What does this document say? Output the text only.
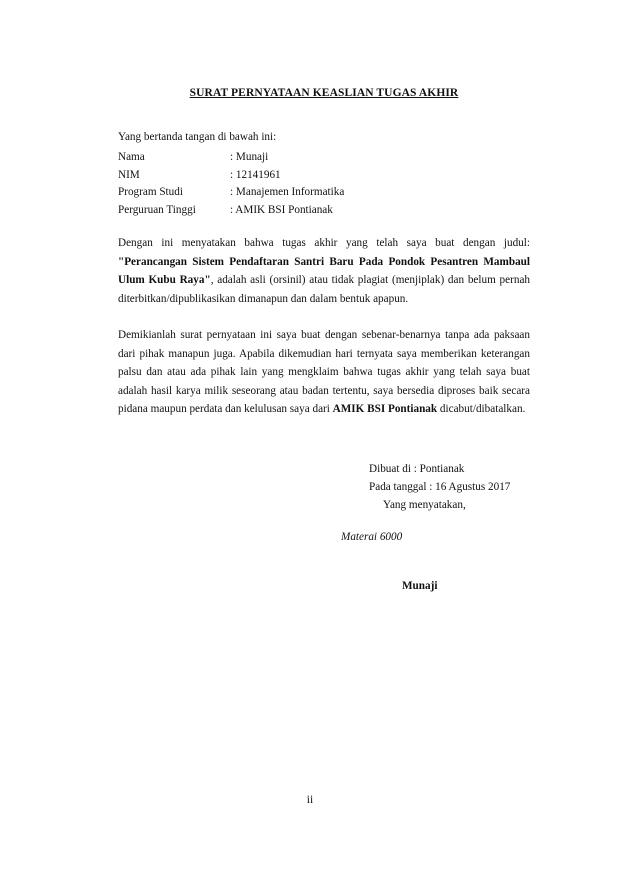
SURAT PERNYATAAN KEASLIAN TUGAS AKHIR
Yang bertanda tangan di bawah ini:
Nama	: Munaji
NIM	: 12141961
Program Studi	: Manajemen Informatika
Perguruan Tinggi	: AMIK BSI Pontianak

Dengan ini menyatakan bahwa tugas akhir yang telah saya buat dengan judul: "Perancangan Sistem Pendaftaran Santri Baru Pada Pondok Pesantren Mambaul Ulum Kubu Raya", adalah asli (orsinil) atau tidak plagiat (menjiplak) dan belum pernah diterbitkan/dipublikasikan dimanapun dan dalam bentuk apapun.

Demikianlah surat pernyataan ini saya buat dengan sebenar-benarnya tanpa ada paksaan dari pihak manapun juga. Apabila dikemudian hari ternyata saya memberikan keterangan palsu dan atau ada pihak lain yang mengklaim bahwa tugas akhir yang telah saya buat adalah hasil karya milik seseorang atau badan tertentu, saya bersedia diproses baik secara pidana maupun perdata dan kelulusan saya dari AMIK BSI Pontianak dicabut/dibatalkan.

Dibuat di : Pontianak
Pada tanggal : 16 Agustus 2017
Yang menyatakan,
Materai 6000
Munaji
ii
